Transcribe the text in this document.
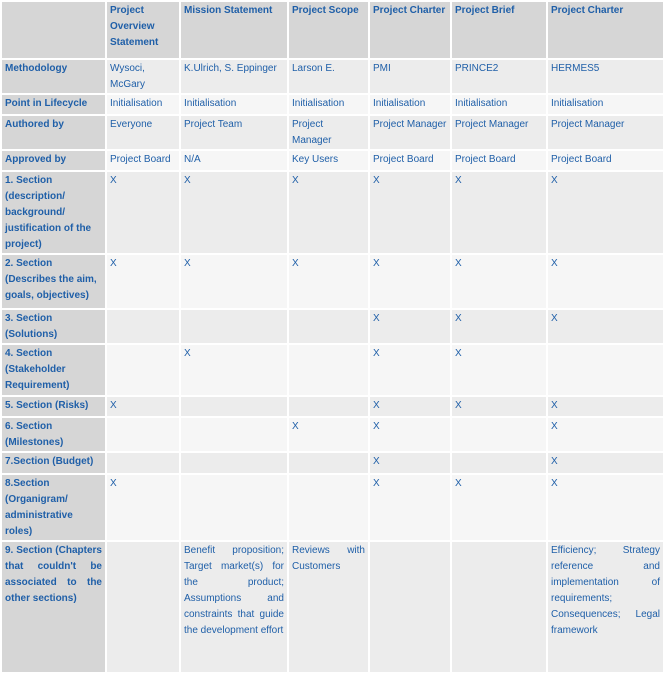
	Project Overview Statement	Mission Statement	Project Scope	Project Charter	Project Brief	Project Charter
Methodology	Wysoci, McGary	K.Ulrich, S. Eppinger	Larson E.	PMI	PRINCE2	HERMES5
Point in Lifecycle	Initialisation	Initialisation	Initialisation	Initialisation	Initialisation	Initialisation
Authored by	Everyone	Project Team	Project Manager	Project Manager	Project Manager	Project Manager
Approved by	Project Board	N/A	Key Users	Project Board	Project Board	Project Board
1. Section (description/ background/ justification of the project)	X	X	X	X	X	X
2. Section (Describes the aim, goals, objectives)	X	X	X	X	X	X
3. Section (Solutions)				X	X	X
4. Section (Stakeholder Requirement)		X		X	X	
5. Section (Risks)	X			X	X	X
6. Section (Milestones)			X	X		X
7.Section (Budget)				X		X
8.Section (Organigram/ administrative roles)	X			X	X	X
9. Section (Chapters that couldn't be associated to the other sections)		Benefit proposition; Target market(s) for the product; Assumptions and constraints that guide the development effort	Reviews with Customers			Efficiency; Strategy reference and implementation of requirements; Consequences; Legal framework
